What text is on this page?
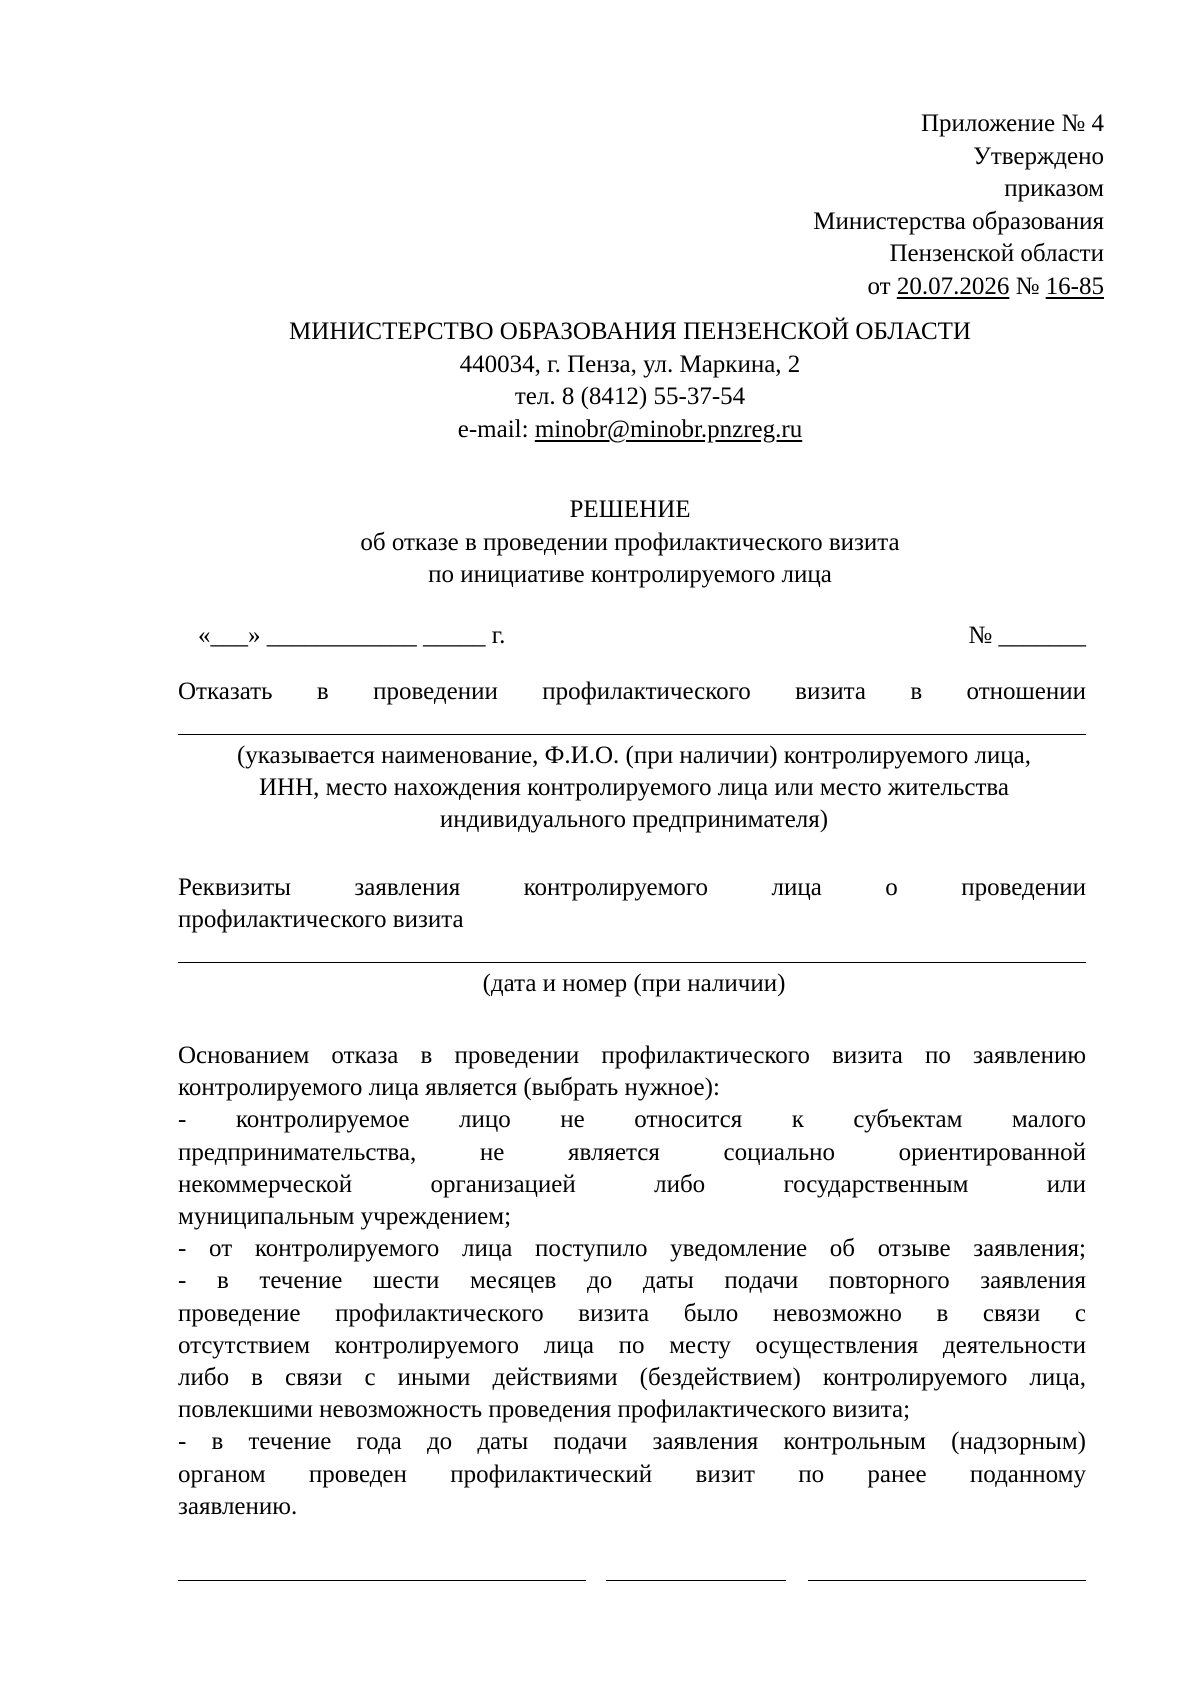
Приложение № 4
Утверждено
приказом
Министерства образования
Пензенской области
от 20.07.2026 № 16-85
МИНИСТЕРСТВО ОБРАЗОВАНИЯ ПЕНЗЕНСКОЙ ОБЛАСТИ
440034, г. Пенза, ул. Маркина, 2
тел. 8 (8412) 55-37-54
e-mail: minobr@minobr.pnzreg.ru
РЕШЕНИЕ
об отказе в проведении профилактического визита
по инициативе контролируемого лица
«___» ____________ _____ г.	№ _______
Отказать в проведении профилактического визита в отношении
(указывается наименование, Ф.И.О. (при наличии) контролируемого лица,
ИНН, место нахождения контролируемого лица или место жительства
индивидуального предпринимателя)
Реквизиты заявления контролируемого лица о проведении
профилактического визита
(дата и номер (при наличии)
Основанием отказа в проведении профилактического визита по заявлению
контролируемого лица является (выбрать нужное):
- контролируемое лицо не относится к субъектам малого
предпринимательства, не является социально ориентированной
некоммерческой организацией либо государственным или
муниципальным учреждением;
- от контролируемого лица поступило уведомление об отзыве заявления;
- в течение шести месяцев до даты подачи повторного заявления
проведение профилактического визита было невозможно в связи с
отсутствием контролируемого лица по месту осуществления деятельности
либо в связи с иными действиями (бездействием) контролируемого лица,
повлекшими невозможность проведения профилактического визита;
- в течение года до даты подачи заявления контрольным (надзорным)
органом проведен профилактический визит по ранее поданному
заявлению.
